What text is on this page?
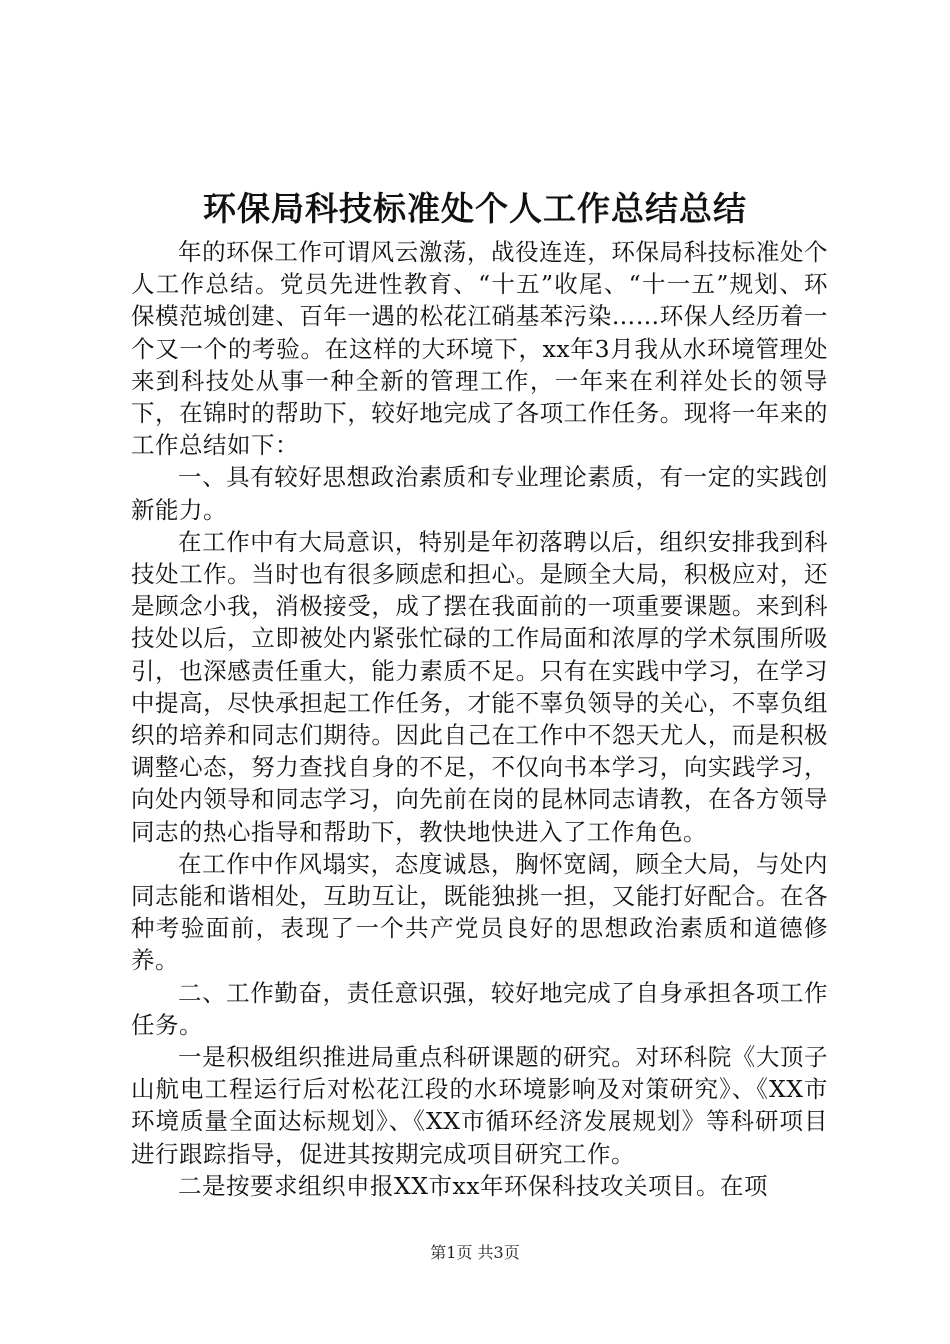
环保局科技标准处个人工作总结总结

年的环保工作可谓风云激荡，战役连连，环保局科技标准处个人工作总结。党员先进性教育、“十五”收尾、“十一五”规划、环保模范城创建、百年一遇的松花江硝基苯污染……环保人经历着一个又一个的考验。在这样的大环境下，xx年3月我从水环境管理处来到科技处从事一种全新的管理工作，一年来在利祥处长的领导下，在锦时的帮助下，较好地完成了各项工作任务。现将一年来的工作总结如下：

一、具有较好思想政治素质和专业理论素质，有一定的实践创新能力。

在工作中有大局意识，特别是年初落聘以后，组织安排我到科技处工作。当时也有很多顾虑和担心。是顾全大局，积极应对，还是顾念小我，消极接受，成了摆在我面前的一项重要课题。来到科技处以后，立即被处内紧张忙碌的工作局面和浓厚的学术氛围所吸引，也深感责任重大，能力素质不足。只有在实践中学习，在学习中提高，尽快承担起工作任务，才能不辜负领导的关心，不辜负组织的培养和同志们期待。因此自己在工作中不怨天尤人，而是积极调整心态，努力查找自身的不足，不仅向书本学习，向实践学习，向处内领导和同志学习，向先前在岗的昆林同志请教，在各方领导同志的热心指导和帮助下，教快地快进入了工作角色。

在工作中作风塌实，态度诚恳，胸怀宽阔，顾全大局，与处内同志能和谐相处，互助互让，既能独挑一担，又能打好配合。在各种考验面前，表现了一个共产党员良好的思想政治素质和道德修养。

二、工作勤奋，责任意识强，较好地完成了自身承担各项工作任务。

一是积极组织推进局重点科研课题的研究。对环科院《大顶子山航电工程运行后对松花江段的水环境影响及对策研究》、《XX市环境质量全面达标规划》、《XX市循环经济发展规划》等科研项目进行跟踪指导，促进其按期完成项目研究工作。

二是按要求组织申报XX市xx年环保科技攻关项目。在项

第1页 共3页
